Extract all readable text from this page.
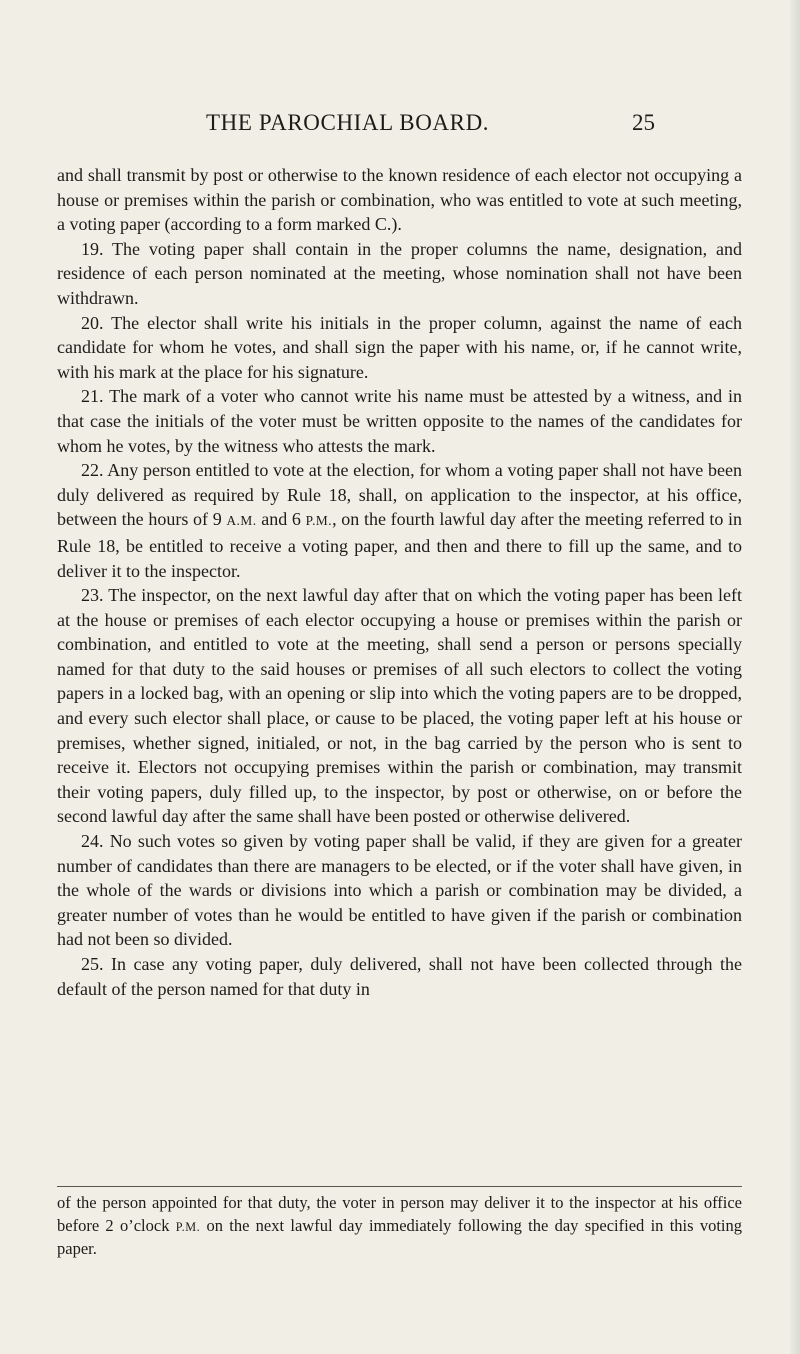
THE PAROCHIAL BOARD.	25

and shall transmit by post or otherwise to the known residence of each elector not occupying a house or premises within the parish or combination, who was entitled to vote at such meeting, a voting paper (according to a form marked C.).

19. The voting paper shall contain in the proper columns the name, designation, and residence of each person nominated at the meeting, whose nomination shall not have been withdrawn.

20. The elector shall write his initials in the proper column, against the name of each candidate for whom he votes, and shall sign the paper with his name, or, if he cannot write, with his mark at the place for his signature.

21. The mark of a voter who cannot write his name must be attested by a witness, and in that case the initials of the voter must be written opposite to the names of the candidates for whom he votes, by the witness who attests the mark.

22. Any person entitled to vote at the election, for whom a voting paper shall not have been duly delivered as required by Rule 18, shall, on application to the inspector, at his office, between the hours of 9 A.M. and 6 P.M., on the fourth lawful day after the meeting referred to in Rule 18, be entitled to receive a voting paper, and then and there to fill up the same, and to deliver it to the inspector.

23. The inspector, on the next lawful day after that on which the voting paper has been left at the house or premises of each elector occupying a house or premises within the parish or combination, and entitled to vote at the meeting, shall send a person or persons specially named for that duty to the said houses or premises of all such electors to collect the voting papers in a locked bag, with an opening or slip into which the voting papers are to be dropped, and every such elector shall place, or cause to be placed, the voting paper left at his house or premises, whether signed, initialed, or not, in the bag carried by the person who is sent to receive it. Electors not occupying premises within the parish or combination, may transmit their voting papers, duly filled up, to the inspector, by post or otherwise, on or before the second lawful day after the same shall have been posted or otherwise delivered.

24. No such votes so given by voting paper shall be valid, if they are given for a greater number of candidates than there are managers to be elected, or if the voter shall have given, in the whole of the wards or divisions into which a parish or combination may be divided, a greater number of votes than he would be entitled to have given if the parish or combination had not been so divided.

25. In case any voting paper, duly delivered, shall not have been collected through the default of the person named for that duty in

of the person appointed for that duty, the voter in person may deliver it to the inspector at his office before 2 o’clock P.M. on the next lawful day immediately following the day specified in this voting paper.
